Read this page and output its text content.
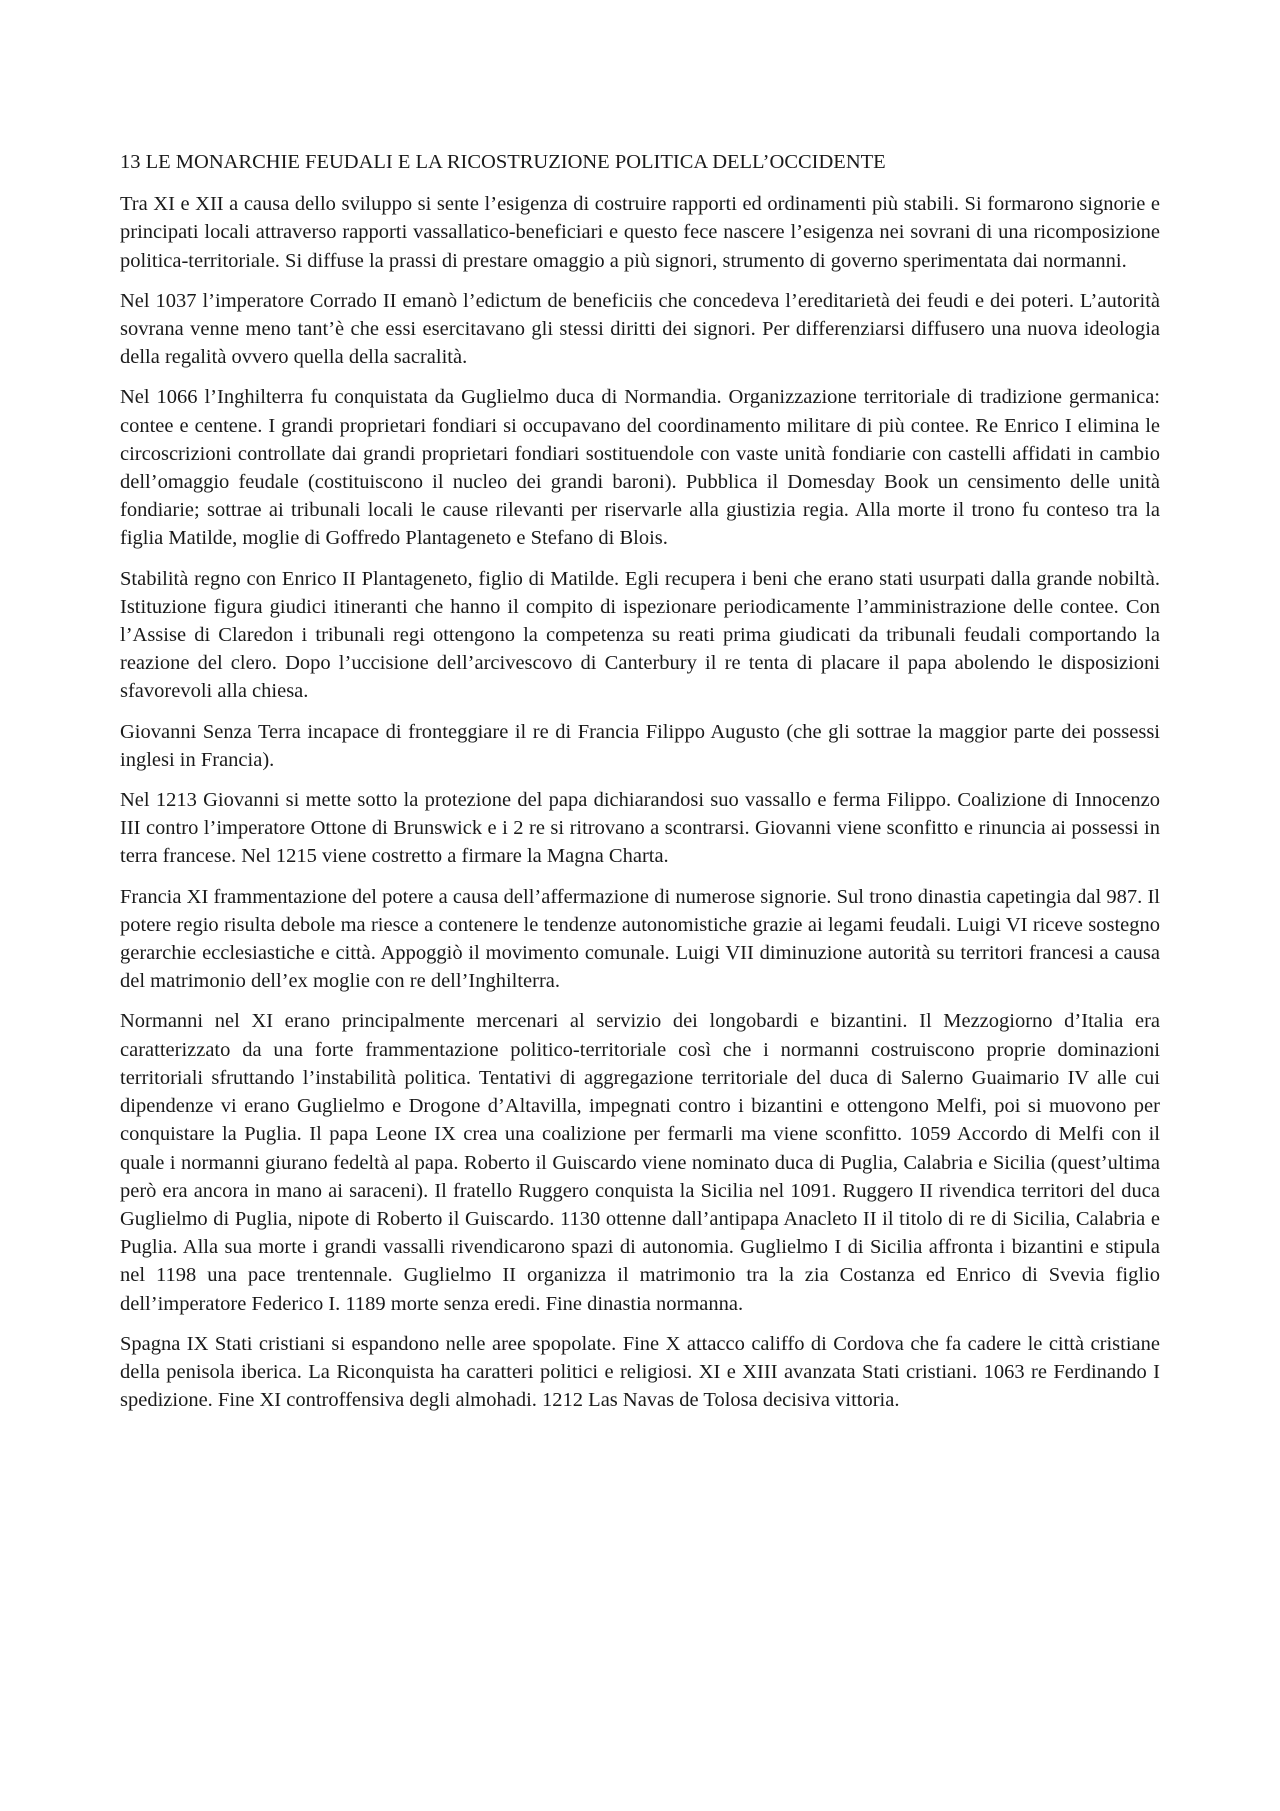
13 LE MONARCHIE FEUDALI E LA RICOSTRUZIONE POLITICA DELL’OCCIDENTE

Tra XI e XII a causa dello sviluppo si sente l’esigenza di costruire rapporti ed ordinamenti più stabili. Si formarono signorie e principati locali attraverso rapporti vassallatico-beneficiari e questo fece nascere l’esigenza nei sovrani di una ricomposizione politica-territoriale. Si diffuse la prassi di prestare omaggio a più signori, strumento di governo sperimentata dai normanni.

Nel 1037 l’imperatore Corrado II emanò l’edictum de beneficiis che concedeva l’ereditarietà dei feudi e dei poteri. L’autorità sovrana venne meno tant’è che essi esercitavano gli stessi diritti dei signori. Per differenziarsi diffusero una nuova ideologia della regalità ovvero quella della sacralità.

Nel 1066 l’Inghilterra fu conquistata da Guglielmo duca di Normandia. Organizzazione territoriale di tradizione germanica: contee e centene. I grandi proprietari fondiari si occupavano del coordinamento militare di più contee. Re Enrico I elimina le circoscrizioni controllate dai grandi proprietari fondiari sostituendole con vaste unità fondiarie con castelli affidati in cambio dell’omaggio feudale (costituiscono il nucleo dei grandi baroni). Pubblica il Domesday Book un censimento delle unità fondiarie; sottrae ai tribunali locali le cause rilevanti per riservarle alla giustizia regia. Alla morte il trono fu conteso tra la figlia Matilde, moglie di Goffredo Plantageneto e Stefano di Blois.

Stabilità regno con Enrico II Plantageneto, figlio di Matilde. Egli recupera i beni che erano stati usurpati dalla grande nobiltà. Istituzione figura giudici itineranti che hanno il compito di ispezionare periodicamente l’amministrazione delle contee. Con l’Assise di Claredon i tribunali regi ottengono la competenza su reati prima giudicati da tribunali feudali comportando la reazione del clero. Dopo l’uccisione dell’arcivescovo di Canterbury il re tenta di placare il papa abolendo le disposizioni sfavorevoli alla chiesa.

Giovanni Senza Terra incapace di fronteggiare il re di Francia Filippo Augusto (che gli sottrae la maggior parte dei possessi inglesi in Francia).

Nel 1213 Giovanni si mette sotto la protezione del papa dichiarandosi suo vassallo e ferma Filippo. Coalizione di Innocenzo III contro l’imperatore Ottone di Brunswick e i 2 re si ritrovano a scontrarsi. Giovanni viene sconfitto e rinuncia ai possessi in terra francese. Nel 1215 viene costretto a firmare la Magna Charta.

Francia XI frammentazione del potere a causa dell’affermazione di numerose signorie. Sul trono dinastia capetingia dal 987. Il potere regio risulta debole ma riesce a contenere le tendenze autonomistiche grazie ai legami feudali. Luigi VI riceve sostegno gerarchie ecclesiastiche e città. Appoggiò il movimento comunale. Luigi VII diminuzione autorità su territori francesi a causa del matrimonio dell’ex moglie con re dell’Inghilterra.

Normanni nel XI erano principalmente mercenari al servizio dei longobardi e bizantini. Il Mezzogiorno d’Italia era caratterizzato da una forte frammentazione politico-territoriale così che i normanni costruiscono proprie dominazioni territoriali sfruttando l’instabilità politica. Tentativi di aggregazione territoriale del duca di Salerno Guaimario IV alle cui dipendenze vi erano Guglielmo e Drogone d’Altavilla, impegnati contro i bizantini e ottengono Melfi, poi si muovono per conquistare la Puglia. Il papa Leone IX crea una coalizione per fermarli ma viene sconfitto. 1059 Accordo di Melfi con il quale i normanni giurano fedeltà al papa. Roberto il Guiscardo viene nominato duca di Puglia, Calabria e Sicilia (quest’ultima però era ancora in mano ai saraceni). Il fratello Ruggero conquista la Sicilia nel 1091. Ruggero II rivendica territori del duca Guglielmo di Puglia, nipote di Roberto il Guiscardo. 1130 ottenne dall’antipapa Anacleto II il titolo di re di Sicilia, Calabria e Puglia. Alla sua morte i grandi vassalli rivendicarono spazi di autonomia. Guglielmo I di Sicilia affronta i bizantini e stipula nel 1198 una pace trentennale. Guglielmo II organizza il matrimonio tra la zia Costanza ed Enrico di Svevia figlio dell’imperatore Federico I. 1189 morte senza eredi. Fine dinastia normanna.

Spagna IX Stati cristiani si espandono nelle aree spopolate. Fine X attacco califfo di Cordova che fa cadere le città cristiane della penisola iberica. La Riconquista ha caratteri politici e religiosi. XI e XIII avanzata Stati cristiani. 1063 re Ferdinando I spedizione. Fine XI controffensiva degli almohadi. 1212 Las Navas de Tolosa decisiva vittoria.
